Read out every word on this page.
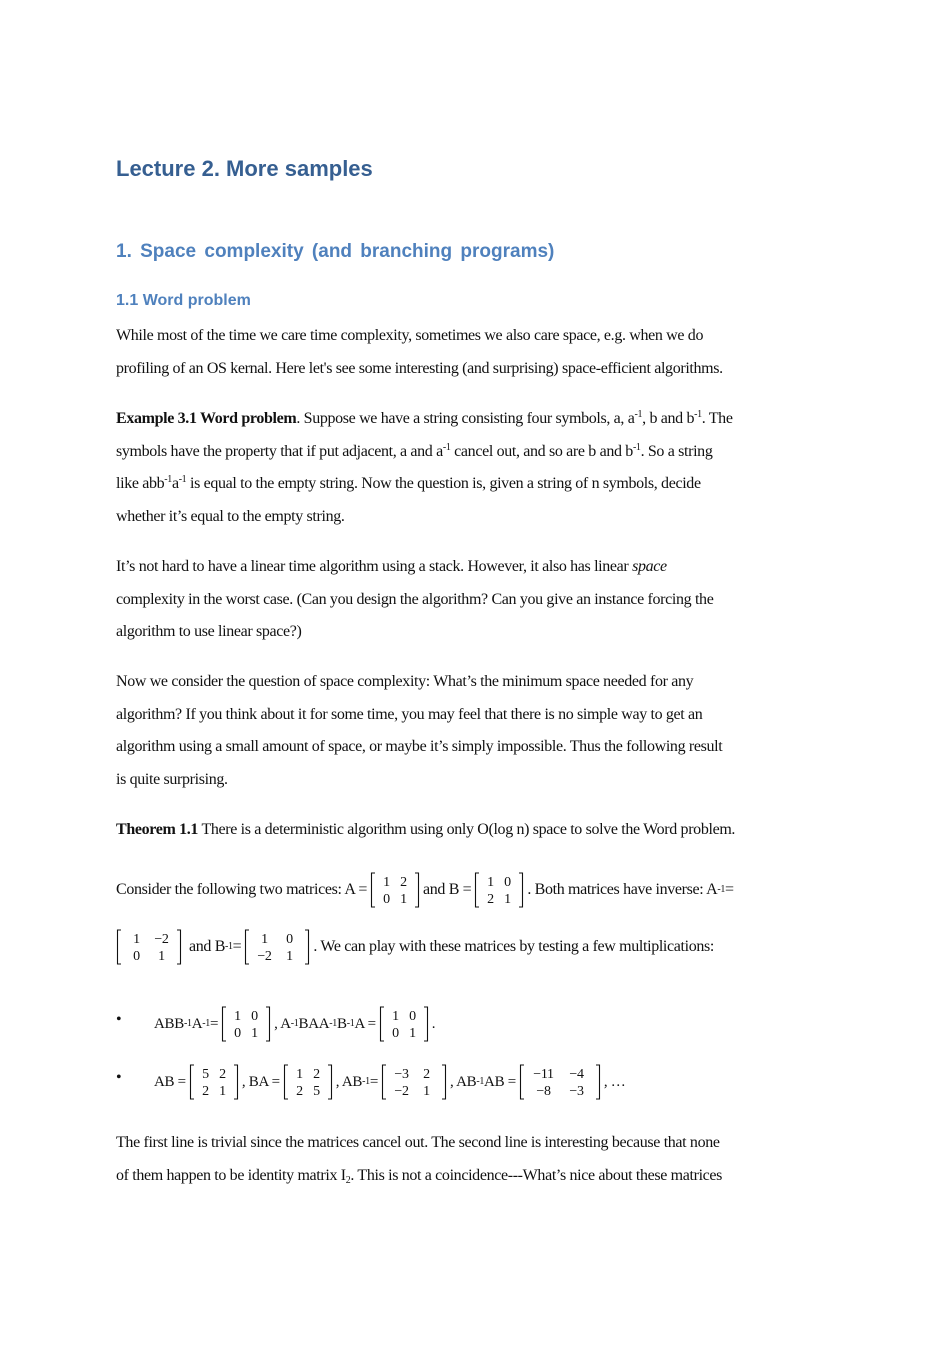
Lecture 2. More samples
1. Space complexity (and branching programs)
1.1 Word problem
While most of the time we care time complexity, sometimes we also care space, e.g. when we do
profiling of an OS kernal. Here let's see some interesting (and surprising) space-efficient algorithms.
Example 3.1 Word problem. Suppose we have a string consisting four symbols, a, $a^{-1}$, b and $b^{-1}$. The
symbols have the property that if put adjacent, a and $a^{-1}$ cancel out, and so are b and $b^{-1}$. So a string
like $abb^{-1}a^{-1}$ is equal to the empty string. Now the question is, given a string of n symbols, decide
whether it’s equal to the empty string.
It’s not hard to have a linear time algorithm using a stack. However, it also has linear space
complexity in the worst case. (Can you design the algorithm? Can you give an instance forcing the
algorithm to use linear space?)
Now we consider the question of space complexity: What’s the minimum space needed for any
algorithm? If you think about it for some time, you may feel that there is no simple way to get an
algorithm using a small amount of space, or maybe it’s simply impossible. Thus the following result
is quite surprising.
Theorem 1.1 There is a deterministic algorithm using only O(log n) space to solve the Word problem.
Consider the following two matrices: A = 1 2
0 1
and B = 1 0
2 1
. Both matrices have inverse: A -1 =
1 −2
0 1
and B -1 = 1 0
−2 1
. We can play with these matrices by testing a few multiplications:
• ABB -1 A -1 = 1 0
0 1
, A -1 BAA -1 B -1 A = 1 0
0 1
.
• AB = 5 2
2 1
, BA = 1 2
2 5
, AB -1 = −3 2
−2 1
, AB -1 AB = −11 −4
−8 −3
, …
The first line is trivial since the matrices cancel out. The second line is interesting because that none
of them happen to be identity matrix $I_2$. This is not a coincidence---What’s nice about these matrices
